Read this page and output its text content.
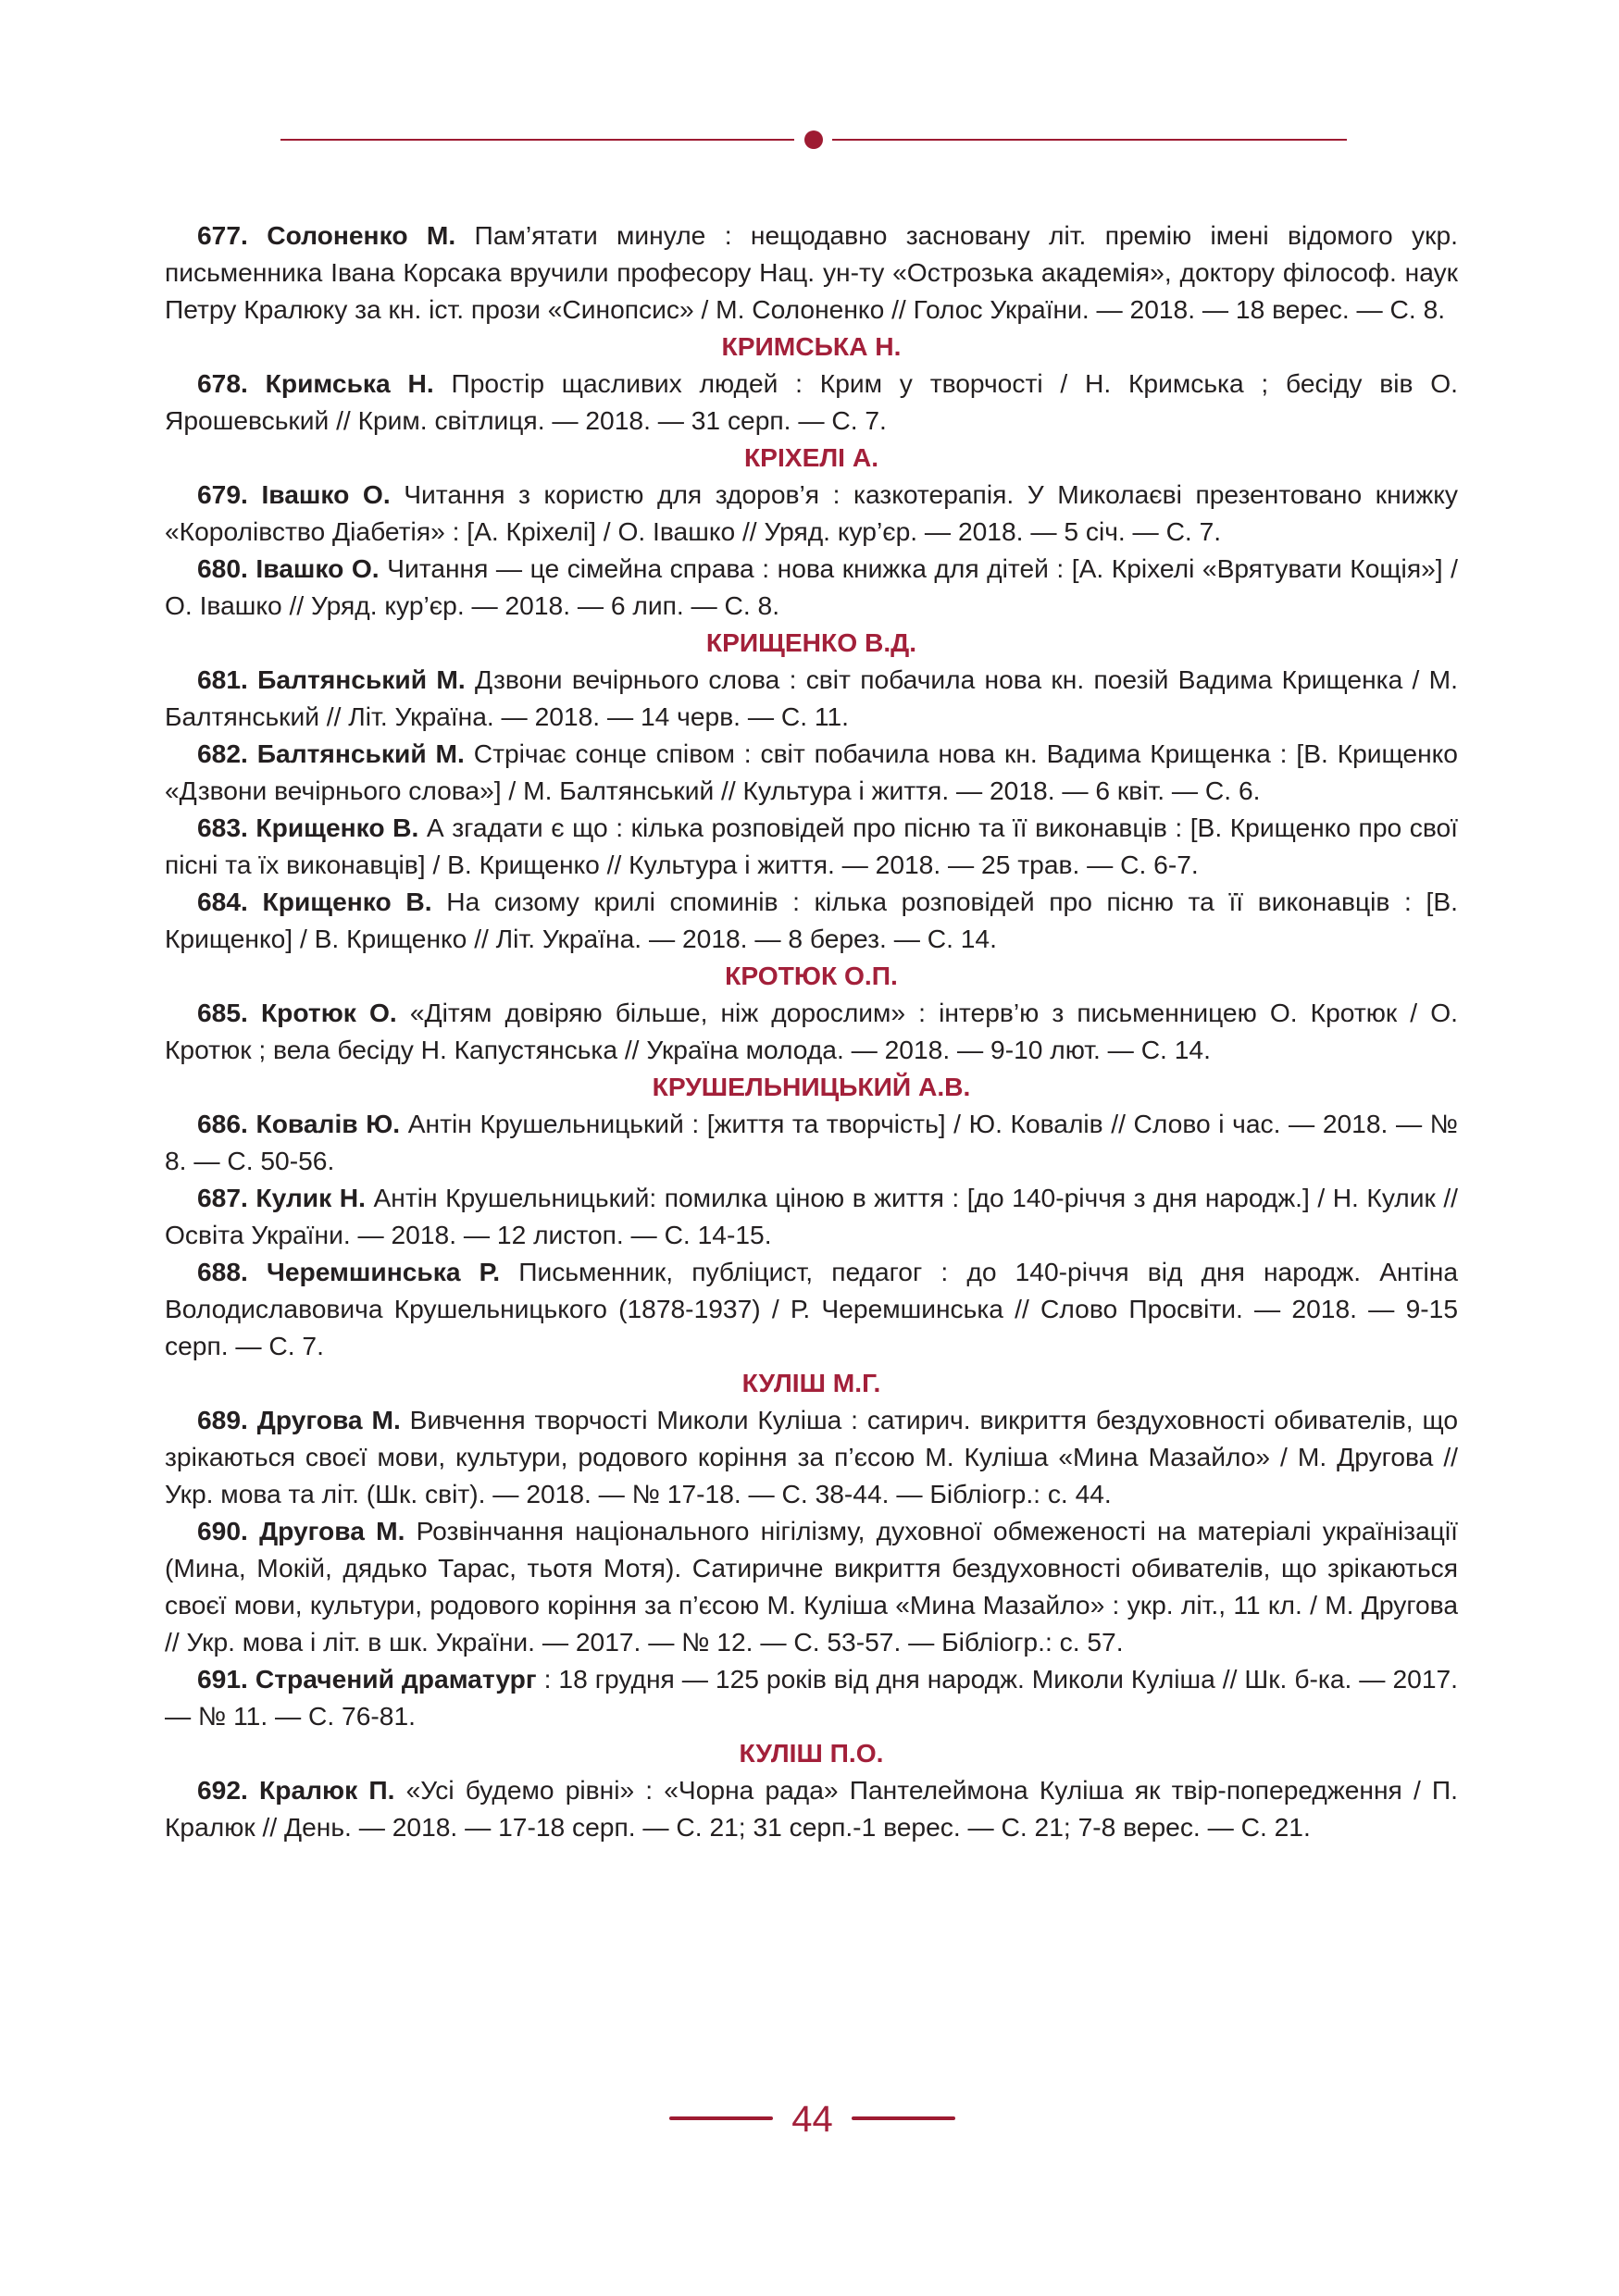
677. Солоненко М. Пам’ятати минуле : нещодавно засновану літ. премію імені відомого укр. письменника Івана Корсака вручили професору Нац. ун-ту «Острозька академія», доктору філософ. наук Петру Кралюку за кн. іст. прози «Синопсис» / М. Солоненко // Голос України. — 2018. — 18 верес. — С. 8.

КРИМСЬКА Н.

678. Кримська Н. Простір щасливих людей : Крим у творчості / Н. Кримська ; бесіду вів О. Ярошевський // Крим. світлиця. — 2018. — 31 серп. — С. 7.

КРІХЕЛІ А.

679. Івашко О. Читання з користю для здоров’я : казкотерапія. У Миколаєві презентовано книжку «Королівство Діабетія» : [А. Кріхелі] / О. Івашко // Уряд. кур’єр. — 2018. — 5 січ. — С. 7.

680. Івашко О. Читання — це сімейна справа : нова книжка для дітей : [А. Кріхелі «Врятувати Кощія»] / О. Івашко // Уряд. кур’єр. — 2018. — 6 лип. — С. 8.

КРИЩЕНКО В.Д.

681. Балтянський М. Дзвони вечірнього слова : світ побачила нова кн. поезій Вадима Крищенка / М. Балтянський // Літ. Україна. — 2018. — 14 черв. — С. 11.

682. Балтянський М. Стрічає сонце співом : світ побачила нова кн. Вадима Крищенка : [В. Крищенко «Дзвони вечірнього слова»] / М. Балтянський // Культура і життя. — 2018. — 6 квіт. — С. 6.

683. Крищенко В. А згадати є що : кілька розповідей про пісню та її виконавців : [В. Крищенко про свої пісні та їх виконавців] / В. Крищенко // Культура і життя. — 2018. — 25 трав. — С. 6-7.

684. Крищенко В. На сизому крилі споминів : кілька розповідей про пісню та її виконавців : [В. Крищенко] / В. Крищенко // Літ. Україна. — 2018. — 8 берез. — С. 14.

КРОТЮК О.П.

685. Кротюк О. «Дітям довіряю більше, ніж дорослим» : інтерв’ю з письменницею О. Кротюк / О. Кротюк ; вела бесіду Н. Капустянська // Україна молода. — 2018. — 9-10 лют. — С. 14.

КРУШЕЛЬНИЦЬКИЙ А.В.

686. Ковалів Ю. Антін Крушельницький : [життя та творчість] / Ю. Ковалів // Слово і час. — 2018. — № 8. — С. 50-56.

687. Кулик Н. Антін Крушельницький: помилка ціною в життя : [до 140-річчя з дня народж.] / Н. Кулик // Освіта України. — 2018. — 12 листоп. — С. 14-15.

688. Черемшинська Р. Письменник, публіцист, педагог : до 140-річчя від дня народж. Антіна Володиславовича Крушельницького (1878-1937) / Р. Черемшинська // Слово Просвіти. — 2018. — 9-15 серп. — С. 7.

КУЛІШ М.Г.

689. Другова М. Вивчення творчості Миколи Куліша : сатирич. викриття бездуховності обивателів, що зрікаються своєї мови, культури, родового коріння за п’єсою М. Куліша «Мина Мазайло» / М. Другова // Укр. мова та літ. (Шк. світ). — 2018. — № 17-18. — С. 38-44. — Бібліогр.: с. 44.

690. Другова М. Розвінчання національного нігілізму, духовної обмеженості на матеріалі українізації (Мина, Мокій, дядько Тарас, тьотя Мотя). Сатиричне викриття бездуховності обивателів, що зрікаються своєї мови, культури, родового коріння за п’єсою М. Куліша «Мина Мазайло» : укр. літ., 11 кл. / М. Другова // Укр. мова і літ. в шк. України. — 2017. — № 12. — С. 53-57. — Бібліогр.: с. 57.

691. Страчений драматург : 18 грудня — 125 років від дня народж. Миколи Куліша // Шк. б-ка. — 2017. — № 11. — С. 76-81.

КУЛІШ П.О.

692. Кралюк П. «Усі будемо рівні» : «Чорна рада» Пантелеймона Куліша як твір-попередження / П. Кралюк // День. — 2018. — 17-18 серп. — С. 21; 31 серп.-1 верес. — С. 21; 7-8 верес. — С. 21.

44
